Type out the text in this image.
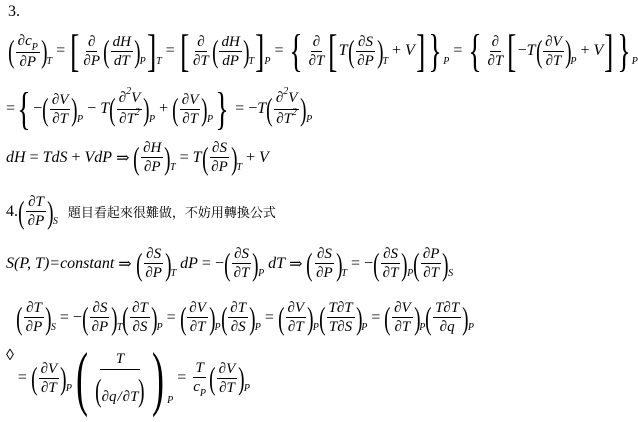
3.
( $\frac{\partial c_P}{\partial P}$ ) T
= [ $\frac{\partial}{\partial P}$ ( $\frac{dH}{dT}$ ) P ] T
= [ $\frac{\partial}{\partial T}$ ( $\frac{dH}{dP}$ ) T ] P
= { $\frac{\partial}{\partial T}$ [ T ( $\frac{\partial S}{\partial P}$ ) T
+ V ] } P
= { $\frac{\partial}{\partial T}$ [ − T ( $\frac{\partial V}{\partial T}$ ) P
+ V ] } P
= { − ( $\frac{\partial V}{\partial T}$ ) P
− T ( $\frac{\partial^2V}{\partial T^2}$ ) P
+ ( $\frac{\partial V}{\partial T}$ ) P } = − T ( $\frac{\partial^2V}{\partial T^2}$ ) P
dH = TdS + VdP ⇒ ( $\frac{\partial H}{\partial P}$ ) T
= T ( $\frac{\partial S}{\partial P}$ ) T
+ V
4. ( $\frac{\partial T}{\partial P}$ ) S
題目看起來很難做，不妨用轉換公式
S(P, T)=constant ⇒ ( $\frac{\partial S}{\partial P}$ ) T
dP = − ( $\frac{\partial S}{\partial T}$ ) P
dT ⇒ ( $\frac{\partial S}{\partial P}$ ) T
= − ( $\frac{\partial S}{\partial T}$ ) P ( $\frac{\partial P}{\partial T}$ ) S
( $\frac{\partial T}{\partial P}$ ) S
= − ( $\frac{\partial S}{\partial P}$ ) T ( $\frac{\partial T}{\partial S}$ ) P
= ( $\frac{\partial V}{\partial T}$ ) P ( $\frac{\partial T}{\partial S}$ ) P
= ( $\frac{\partial V}{\partial T}$ ) P ( $\frac{T\partial T}{T\partial S}$ ) P
= ( $\frac{\partial V}{\partial T}$ ) P ( $\frac{T\partial T}{\partial q}$ ) P
◊
= ( $\frac{\partial V}{\partial T}$ ) P ( $\frac{T}{(\partial q/\partial T)}$ ) P
= $\frac{T}{c_P}$ ( $\frac{\partial V}{\partial T}$ ) P
